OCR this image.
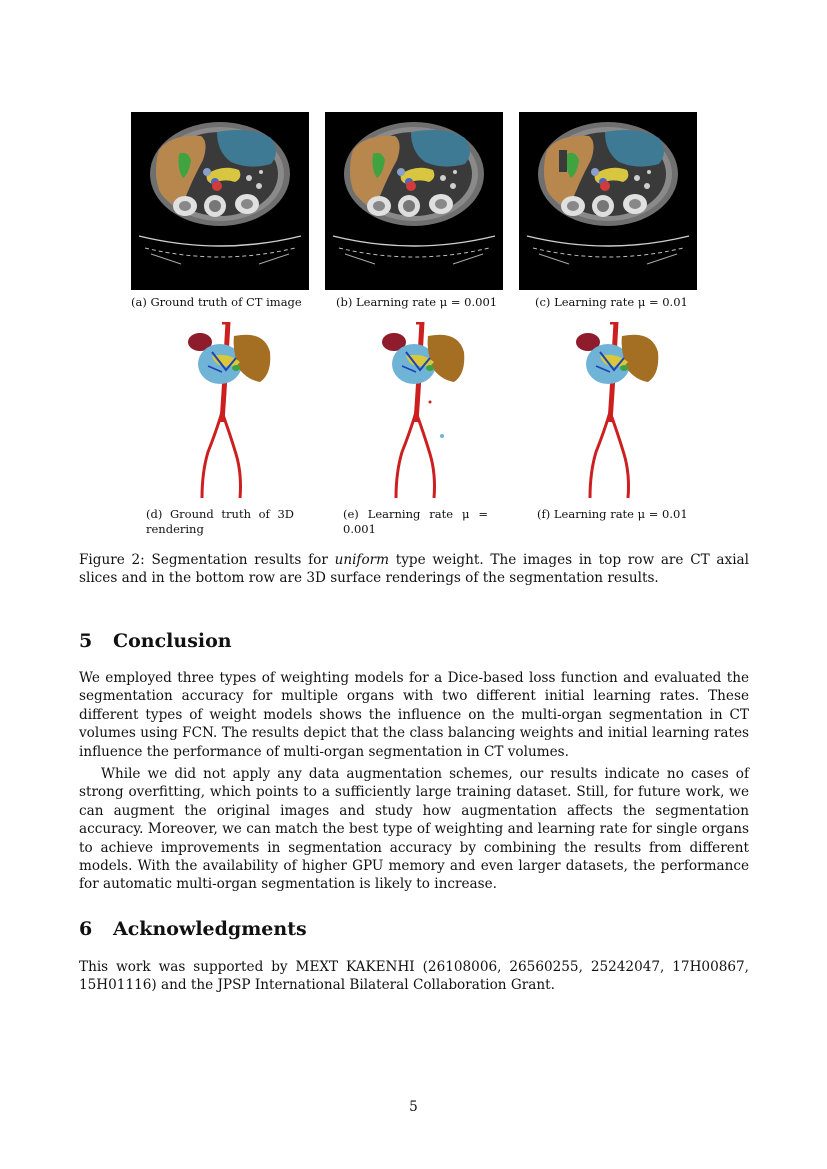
(a) Ground truth of CT image	(b) Learning rate μ = 0.001	(c) Learning rate μ = 0.01
(d) Ground truth of 3D rendering
(e) Learning rate μ = 0.001
(f) Learning rate μ = 0.01

Figure 2: Segmentation results for uniform type weight. The images in top row are CT axial slices and in the bottom row are 3D surface renderings of the segmentation results.

5 Conclusion

We employed three types of weighting models for a Dice-based loss function and evaluated the segmentation accuracy for multiple organs with two different initial learning rates. These different types of weight models shows the influence on the multi-organ segmentation in CT volumes using FCN. The results depict that the class balancing weights and initial learning rates influence the performance of multi-organ segmentation in CT volumes.

While we did not apply any data augmentation schemes, our results indicate no cases of strong overfitting, which points to a sufficiently large training dataset. Still, for future work, we can augment the original images and study how augmentation affects the segmentation accuracy. Moreover, we can match the best type of weighting and learning rate for single organs to achieve improvements in segmentation accuracy by combining the results from different models. With the availability of higher GPU memory and even larger datasets, the performance for automatic multi-organ segmentation is likely to increase.

6 Acknowledgments

This work was supported by MEXT KAKENHI (26108006, 26560255, 25242047, 17H00867, 15H01116) and the JPSP International Bilateral Collaboration Grant.

5
